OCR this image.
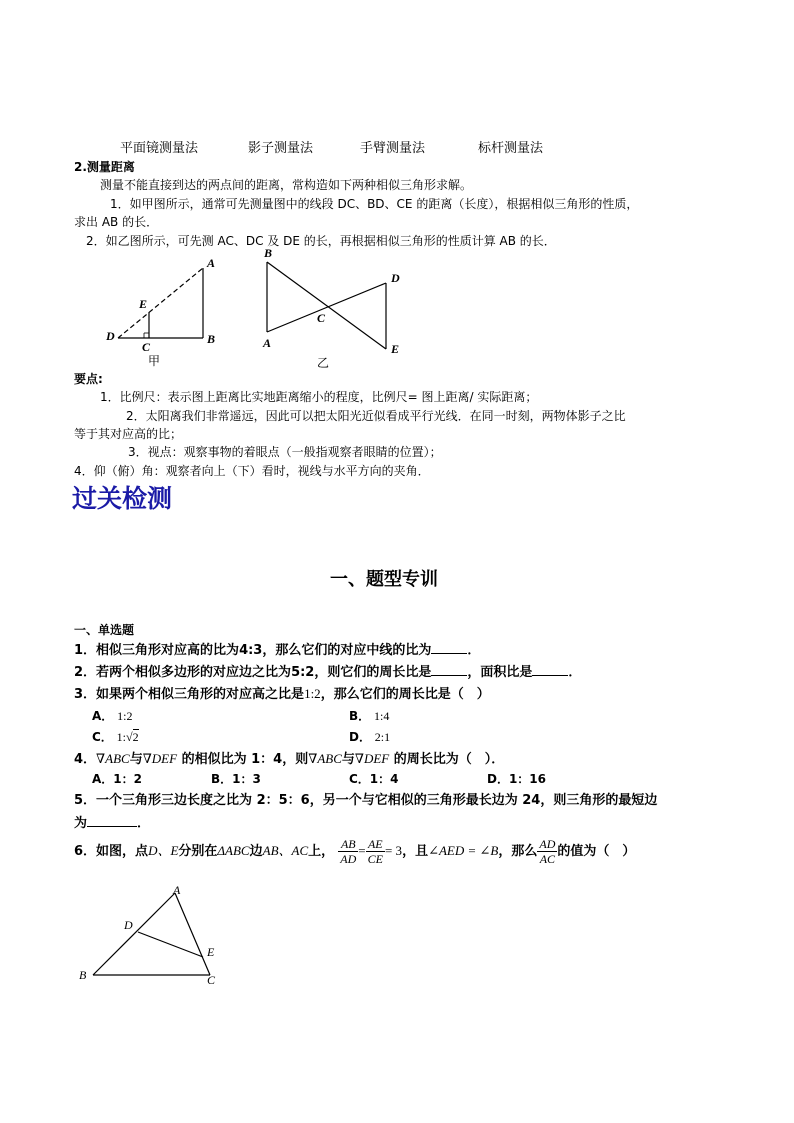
平面镜测量法	影子测量法	手臂测量法	标杆测量法
2.测量距离
测量不能直接到达的两点间的距离，常构造如下两种相似三角形求解。
1．如甲图所示，通常可先测量图中的线段 DC、BD、CE 的距离（长度），根据相似三角形的性质，
求出 AB 的长．
2．如乙图所示，可先测 AC、DC 及 DE 的长，再根据相似三角形的性质计算 AB 的长．
A
E
D	B
C
甲
B
D
C
A	E
乙
要点:
1．比例尺：表示图上距离比实地距离缩小的程度，比例尺= 图上距离/ 实际距离；
2．太阳离我们非常遥远，因此可以把太阳光近似看成平行光线．在同一时刻，两物体影子之比
等于其对应高的比；
3．视点：观察事物的着眼点（一般指观察者眼睛的位置）；
4．仰（俯）角：观察者向上（下）看时，视线与水平方向的夹角．
过关检测
一、题型专训
一、单选题
1．相似三角形对应高的比为4:3，那么它们的对应中线的比为	．
2．若两个相似多边形的对应边之比为5:2，则它们的周长比是	，面积比是	．
3．如果两个相似三角形的对应高之比是1:2，那么它们的周长比是（　）
A． 1:2	B． 1:4
C． 1:√2	D． 2:1
4．∇ABC与∇DEF 的相似比为 1：4，则∇ABC与∇DEF 的周长比为（　）．
A．1：2	B．1：3	C．1：4	D．1：16
5．一个三角形三边长度之比为 2：5：6，另一个与它相似的三角形最长边为 24，则三角形的最短边
为	．
6．如图，点D、E分别在ΔABC边AB、AC上， $\frac{AB}{AD} = \frac{AE}{CE} = 3$，且∠AED = ∠B，那么 $\frac{AD}{AC}$ 的值为（　）
A
D
E
B	C
